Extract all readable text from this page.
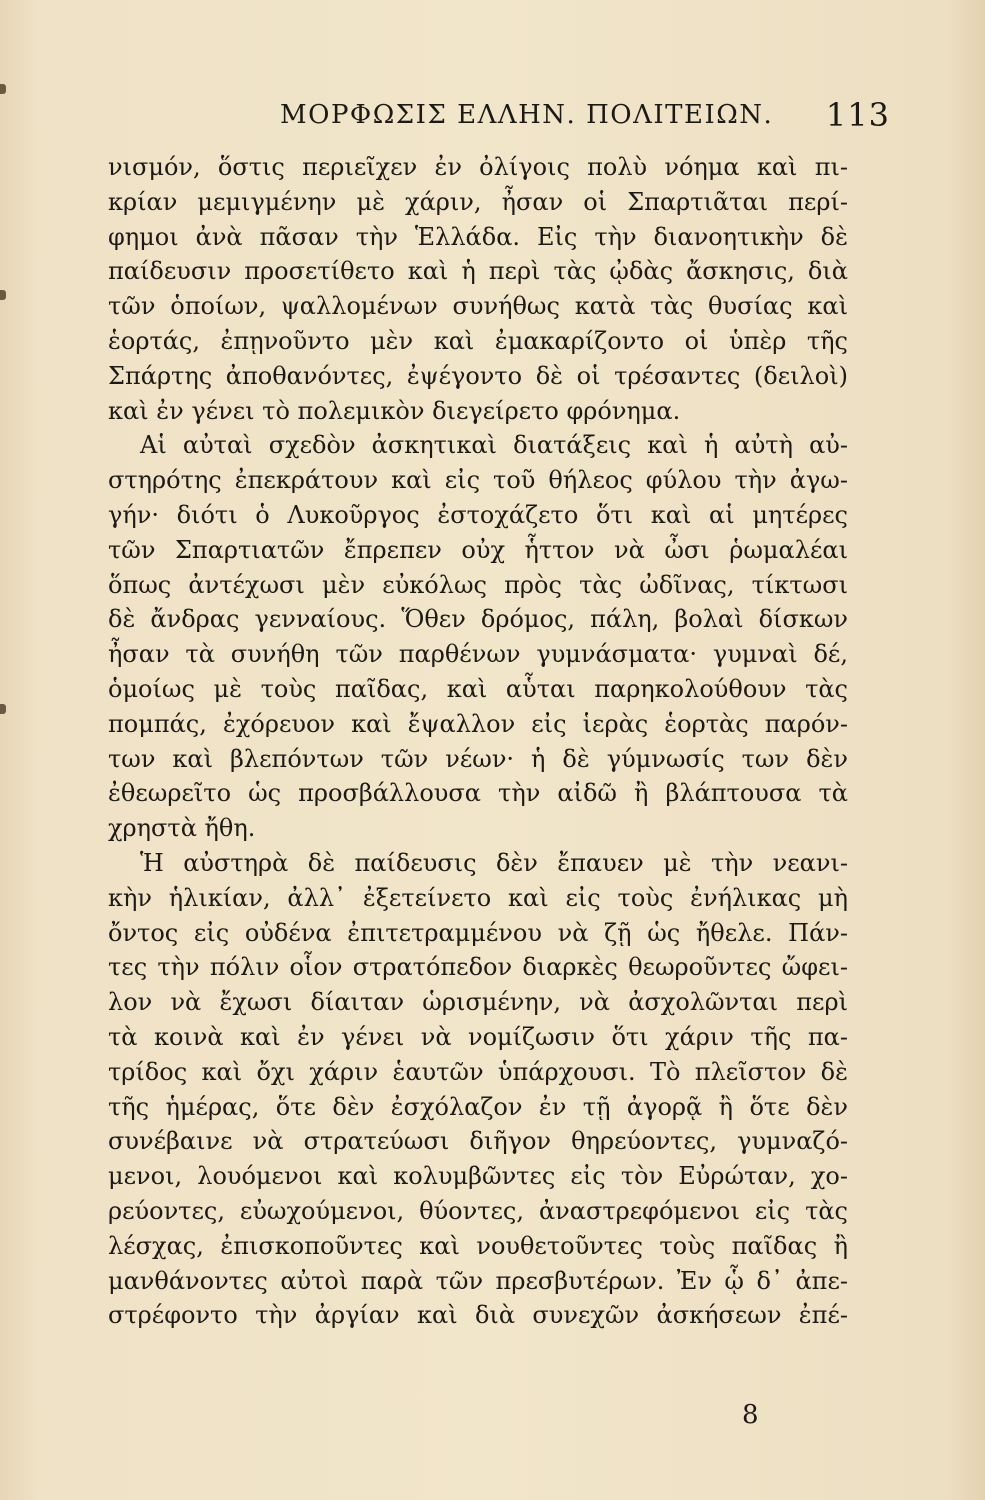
ΜΟΡΦΩΣΙΣ ΕΛΛΗΝ. ΠΟΛΙΤΕΙΩΝ. 113
νισμόν, ὅστις περιεῖχεν ἐν ὀλίγοις πολὺ νόημα καὶ πι-
κρίαν μεμιγμένην μὲ χάριν, ἦσαν οἱ Σπαρτιᾶται περί-
φημοι ἀνὰ πᾶσαν τὴν Ἑλλάδα. Εἰς τὴν διανοητικὴν δὲ
παίδευσιν προσετίθετο καὶ ἡ περὶ τὰς ᾠδὰς ἄσκησις, διὰ
τῶν ὁποίων, ψαλλομένων συνήθως κατὰ τὰς θυσίας καὶ
ἑορτάς, ἐπῃνοῦντο μὲν καὶ ἐμακαρίζοντο οἱ ὑπὲρ τῆς
Σπάρτης ἀποθανόντες, ἐψέγοντο δὲ οἱ τρέσαντες (δειλοὶ)
καὶ ἐν γένει τὸ πολεμικὸν διεγείρετο φρόνημα.
Αἱ αὐταὶ σχεδὸν ἀσκητικαὶ διατάξεις καὶ ἡ αὐτὴ αὐ-
στηρότης ἐπεκράτουν καὶ εἰς τοῦ θήλεος φύλου τὴν ἀγω-
γήν· διότι ὁ Λυκοῦργος ἐστοχάζετο ὅτι καὶ αἱ μητέρες
τῶν Σπαρτιατῶν ἔπρεπεν οὐχ ἧττον νὰ ὦσι ῥωμαλέαι
ὅπως ἀντέχωσι μὲν εὐκόλως πρὸς τὰς ὠδῖνας, τίκτωσι
δὲ ἄνδρας γενναίους. Ὅθεν δρόμος, πάλη, βολαὶ δίσκων
ἦσαν τὰ συνήθη τῶν παρθένων γυμνάσματα· γυμναὶ δέ,
ὁμοίως μὲ τοὺς παῖδας, καὶ αὗται παρηκολούθουν τὰς
πομπάς, ἐχόρευον καὶ ἔψαλλον εἰς ἱερὰς ἑορτὰς παρόν-
των καὶ βλεπόντων τῶν νέων· ἡ δὲ γύμνωσίς των δὲν
ἐθεωρεῖτο ὡς προσβάλλουσα τὴν αἰδῶ ἢ βλάπτουσα τὰ
χρηστὰ ἤθη.
Ἡ αὐστηρὰ δὲ παίδευσις δὲν ἔπαυεν μὲ τὴν νεανι-
κὴν ἡλικίαν, ἀλλ᾽ ἐξετείνετο καὶ εἰς τοὺς ἐνήλικας μὴ
ὄντος εἰς οὐδένα ἐπιτετραμμένου νὰ ζῇ ὡς ἤθελε. Πάν-
τες τὴν πόλιν οἷον στρατόπεδον διαρκὲς θεωροῦντες ὤφει-
λον νὰ ἔχωσι δίαιταν ὡρισμένην, νὰ ἀσχολῶνται περὶ
τὰ κοινὰ καὶ ἐν γένει νὰ νομίζωσιν ὅτι χάριν τῆς πα-
τρίδος καὶ ὄχι χάριν ἑαυτῶν ὑπάρχουσι. Τὸ πλεῖστον δὲ
τῆς ἡμέρας, ὅτε δὲν ἐσχόλαζον ἐν τῇ ἀγορᾷ ἢ ὅτε δὲν
συνέβαινε νὰ στρατεύωσι διῆγον θηρεύοντες, γυμναζό-
μενοι, λουόμενοι καὶ κολυμβῶντες εἰς τὸν Εὐρώταν, χο-
ρεύοντες, εὐωχούμενοι, θύοντες, ἀναστρεφόμενοι εἰς τὰς
λέσχας, ἐπισκοποῦντες καὶ νουθετοῦντες τοὺς παῖδας ἢ
μανθάνοντες αὐτοὶ παρὰ τῶν πρεσβυτέρων. Ἐν ᾧ δ᾽ ἀπε-
στρέφοντο τὴν ἀργίαν καὶ διὰ συνεχῶν ἀσκήσεων ἐπέ-
8
